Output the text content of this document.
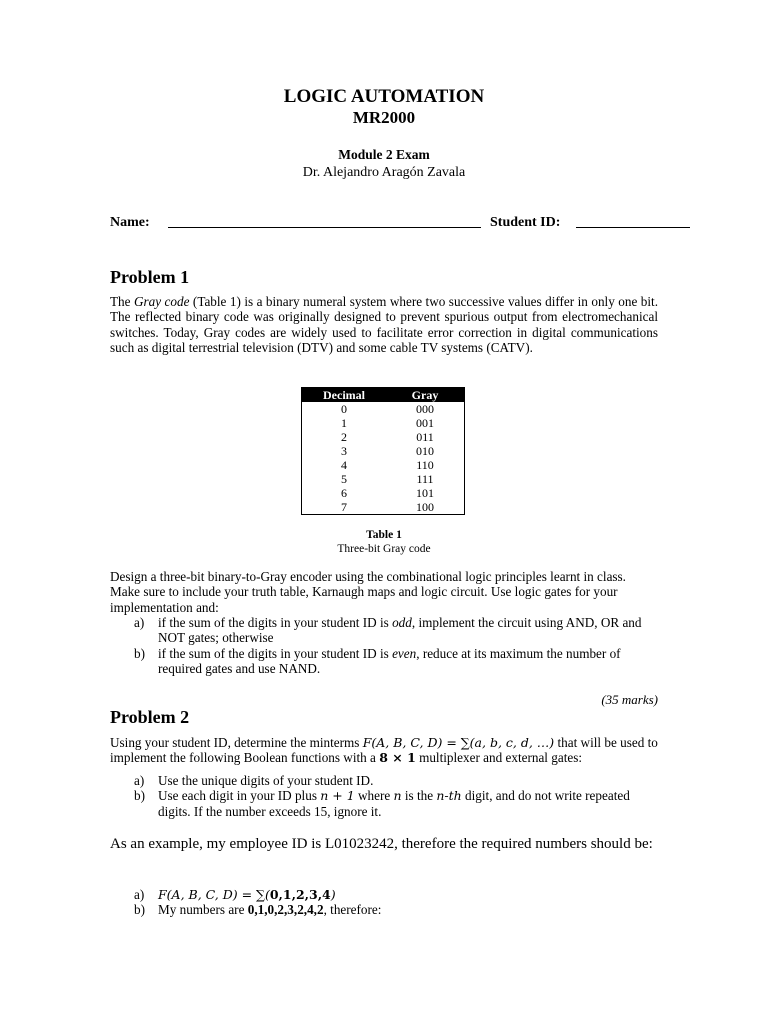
LOGIC AUTOMATION
MR2000
Module 2 Exam
Dr. Alejandro Aragón Zavala
Name:	Student ID:
Problem 1
The Gray code (Table 1) is a binary numeral system where two successive values differ in only one bit. The reflected binary code was originally designed to prevent spurious output from electromechanical switches. Today, Gray codes are widely used to facilitate error correction in digital communications such as digital terrestrial television (DTV) and some cable TV systems (CATV).
Decimal	Gray
0	000
1	001
2	011
3	010
4	110
5	111
6	101
7	100
Table 1
Three-bit Gray code
Design a three-bit binary-to-Gray encoder using the combinational logic principles learnt in class. Make sure to include your truth table, Karnaugh maps and logic circuit. Use logic gates for your implementation and:
a) if the sum of the digits in your student ID is odd, implement the circuit using AND, OR and NOT gates; otherwise
b) if the sum of the digits in your student ID is even, reduce at its maximum the number of required gates and use NAND.
(35 marks)
Problem 2
Using your student ID, determine the minterms F(A, B, C, D) = ∑(a, b, c, d, …) that will be used to implement the following Boolean functions with a 8 × 1 multiplexer and external gates:
a) Use the unique digits of your student ID.
b) Use each digit in your ID plus n + 1 where n is the n-th digit, and do not write repeated digits. If the number exceeds 15, ignore it.
As an example, my employee ID is L01023242, therefore the required numbers should be:
a) F(A, B, C, D) = ∑(0,1,2,3,4)
b) My numbers are 0,1,0,2,3,2,4,2, therefore:
